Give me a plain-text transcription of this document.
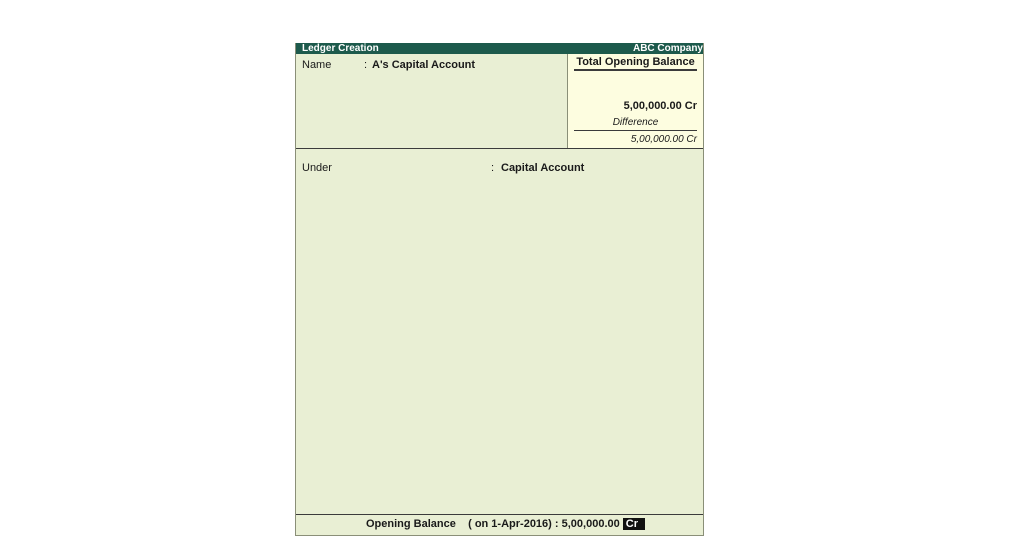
Ledger Creation	ABC Company
Name	: A's Capital Account	Total Opening Balance
5,00,000.00 Cr
Difference
5,00,000.00 Cr
Under	: Capital Account
Opening Balance ( on 1-Apr-2016) : 5,00,000.00 Cr
